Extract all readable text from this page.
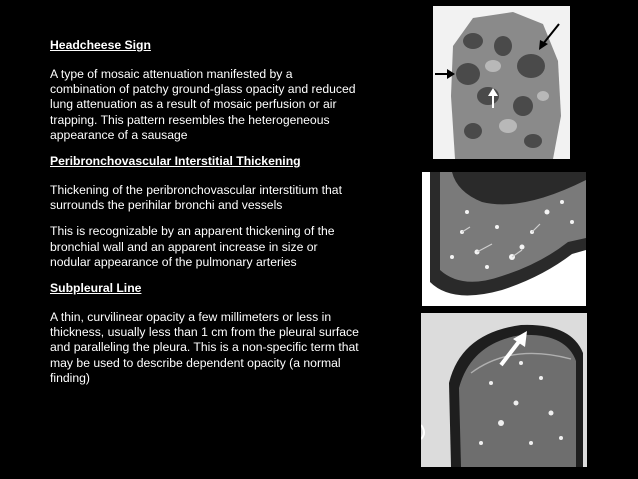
Headcheese Sign

A type of mosaic attenuation manifested by a combination of patchy ground-glass opacity and reduced lung attenuation as a result of mosaic perfusion or air trapping. This pattern resembles the heterogeneous appearance of a sausage

Peribronchovascular Interstitial Thickening

Thickening of the peribronchovascular interstitium that surrounds the perihilar bronchi and vessels

This is recognizable by an apparent thickening of the bronchial wall and an apparent increase in size or nodular appearance of the pulmonary arteries

Subpleural Line

A thin, curvilinear opacity a few millimeters or less in thickness, usually less than 1 cm from the pleural surface and paralleling the pleura. This is a non-specific term that may be used to describe dependent opacity (a normal finding)
